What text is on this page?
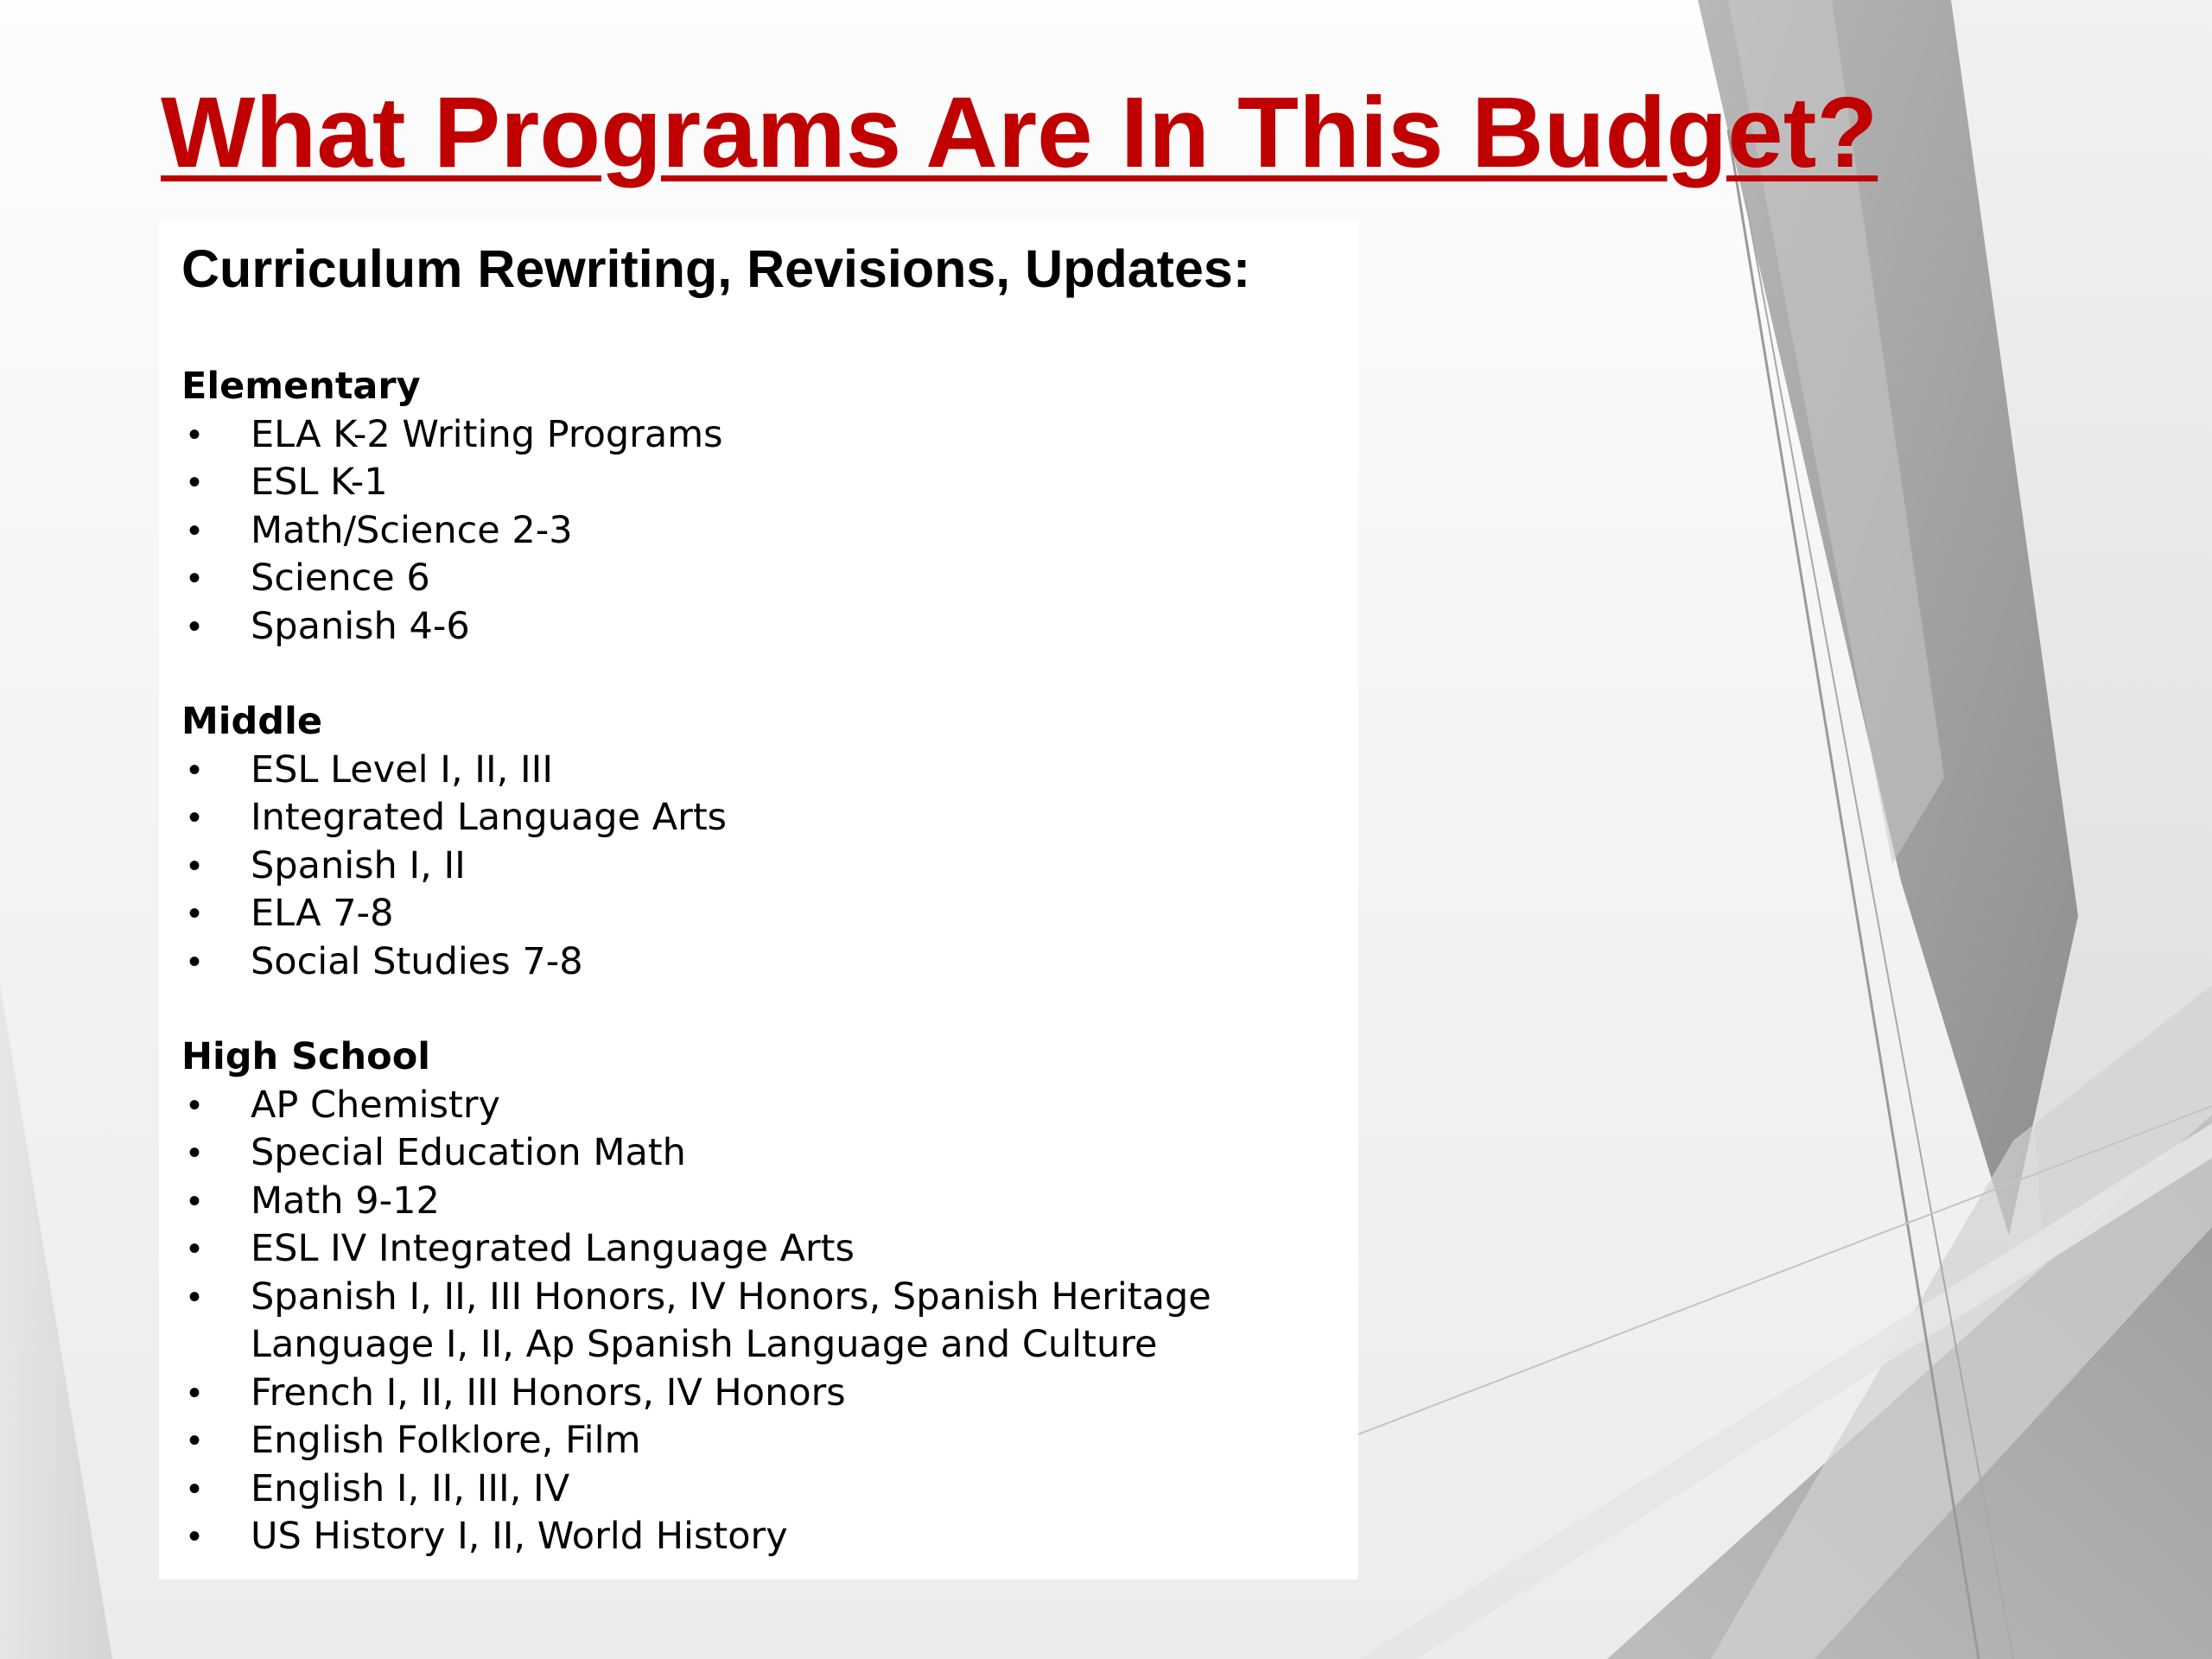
What Programs Are In This Budget?
Curriculum Rewriting, Revisions, Updates:
Elementary
• ELA K-2 Writing Programs
• ESL K-1
• Math/Science 2-3
• Science 6
• Spanish 4-6
Middle
• ESL Level I, II, III
• Integrated Language Arts
• Spanish I, II
• ELA 7-8
• Social Studies 7-8
High School
• AP Chemistry
• Special Education Math
• Math 9-12
• ESL IV Integrated Language Arts
• Spanish I, II, III Honors, IV Honors, Spanish Heritage Language I, II, Ap Spanish Language and Culture
• French I, II, III Honors, IV Honors
• English Folklore, Film
• English I, II, III, IV
• US History I, II, World History
